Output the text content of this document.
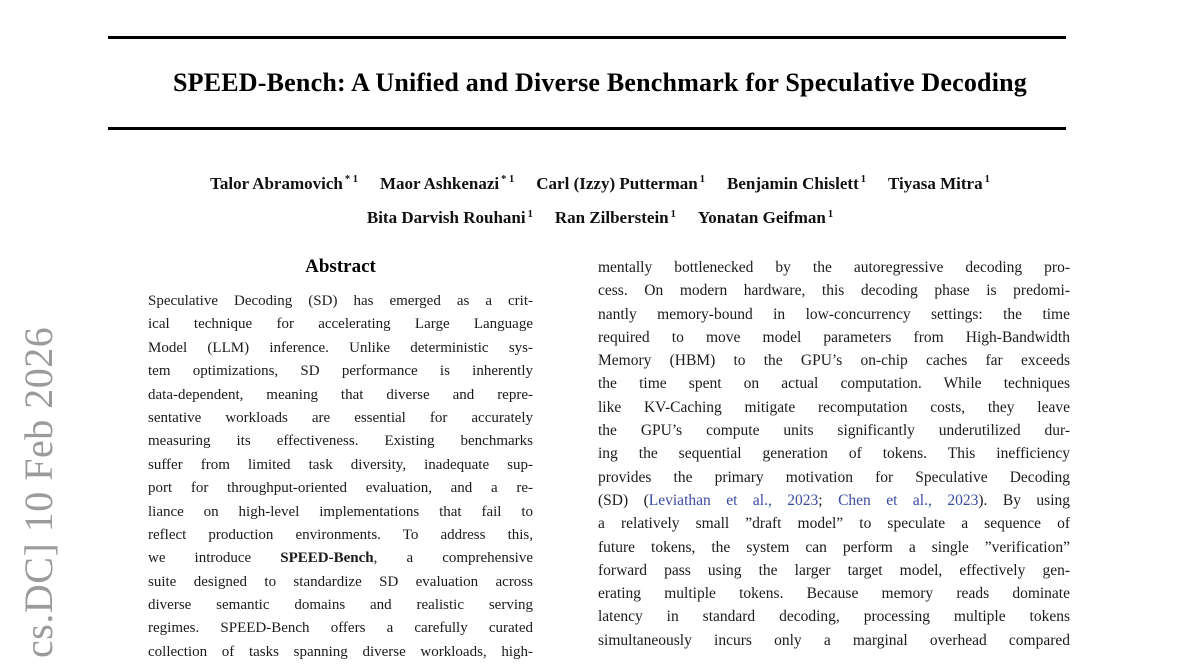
cs.DC] 10 Feb 2026
SPEED-Bench: A Unified and Diverse Benchmark for Speculative Decoding
Talor Abramovich $^{* 1}$ Maor Ashkenazi $^{* 1}$ Carl (Izzy) Putterman $^1$ Benjamin Chislett $^1$ Tiyasa Mitra $^1$
Bita Darvish Rouhani $^1$ Ran Zilberstein $^1$ Yonatan Geifman $^1$
Abstract
Speculative Decoding (SD) has emerged as a crit-
ical technique for accelerating Large Language
Model (LLM) inference. Unlike deterministic sys-
tem optimizations, SD performance is inherently
data-dependent, meaning that diverse and repre-
sentative workloads are essential for accurately
measuring its effectiveness. Existing benchmarks
suffer from limited task diversity, inadequate sup-
port for throughput-oriented evaluation, and a re-
liance on high-level implementations that fail to
reflect production environments. To address this,
we introduce SPEED-Bench, a comprehensive
suite designed to standardize SD evaluation across
diverse semantic domains and realistic serving
regimes. SPEED-Bench offers a carefully curated
collection of tasks spanning diverse workloads, high-
mentally bottlenecked by the autoregressive decoding pro-
cess. On modern hardware, this decoding phase is predomi-
nantly memory-bound in low-concurrency settings: the time
required to move model parameters from High-Bandwidth
Memory (HBM) to the GPU’s on-chip caches far exceeds
the time spent on actual computation. While techniques
like KV-Caching mitigate recomputation costs, they leave
the GPU’s compute units significantly underutilized dur-
ing the sequential generation of tokens. This inefficiency
provides the primary motivation for Speculative Decoding
(SD) (Leviathan et al., 2023; Chen et al., 2023). By using
a relatively small ”draft model” to speculate a sequence of
future tokens, the system can perform a single ”verification”
forward pass using the larger target model, effectively gen-
erating multiple tokens. Because memory reads dominate
latency in standard decoding, processing multiple tokens
simultaneously incurs only a marginal overhead compared
